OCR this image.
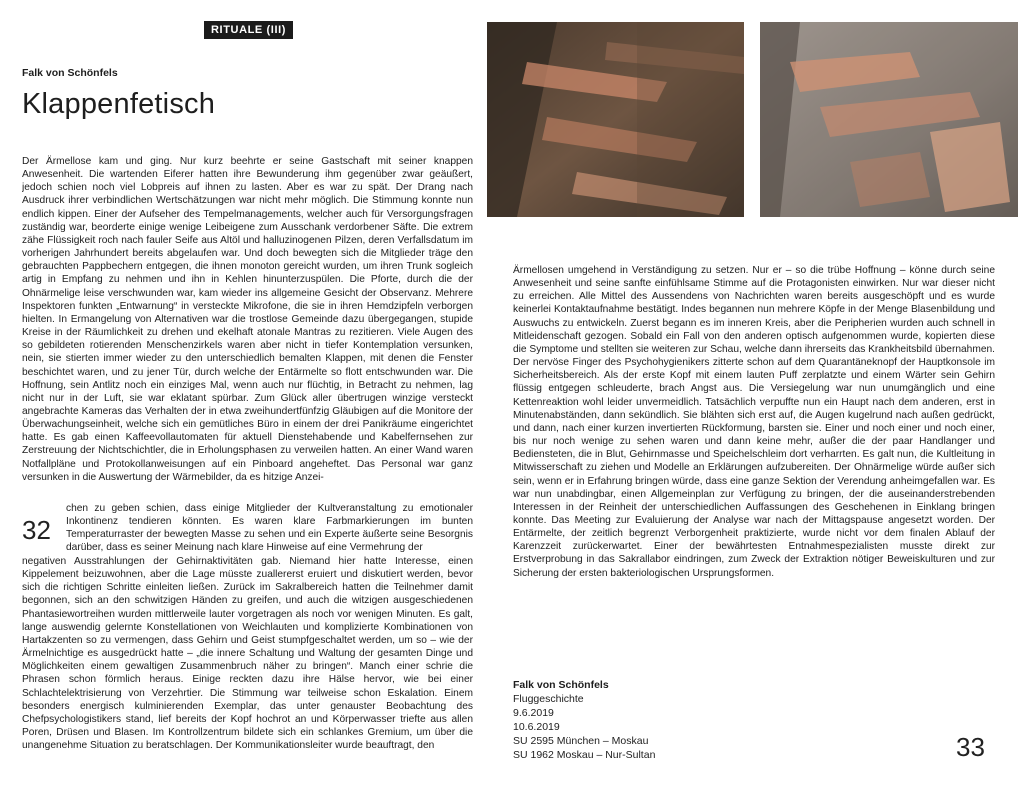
RITUALE (III)
Falk von Schönfels
Klappenfetisch
Der Ärmellose kam und ging. Nur kurz beehrte er seine Gastschaft mit seiner knappen Anwesenheit. Die wartenden Eiferer hatten ihre Bewunderung ihm gegenüber zwar geäußert, jedoch schien noch viel Lobpreis auf ihnen zu lasten. Aber es war zu spät. Der Drang nach Ausdruck ihrer verbindlichen Wertschätzungen war nicht mehr möglich. Die Stimmung konnte nun endlich kippen. Einer der Aufseher des Tempelmanagements, welcher auch für Versorgungsfragen zuständig war, beorderte einige wenige Leibeigene zum Ausschank verdorbener Säfte. Die extrem zähe Flüssigkeit roch nach fauler Seife aus Altöl und halluzinogenen Pilzen, deren Verfallsdatum im vorherigen Jahrhundert bereits abgelaufen war. Und doch bewegten sich die Mitglieder träge den gebrauchten Pappbechern entgegen, die ihnen monoton gereicht wurden, um ihren Trunk sogleich artig in Empfang zu nehmen und ihn in Kehlen hinunterzuspülen. Die Pforte, durch die der Ohnärmelige leise verschwunden war, kam wieder ins allgemeine Gesicht der Observanz. Mehrere Inspektoren funkten „Entwarnung“ in versteckte Mikrofone, die sie in ihren Hemdzipfeln verborgen hielten. In Ermangelung von Alternativen war die trostlose Gemeinde dazu übergegangen, stupide Kreise in der Räumlichkeit zu drehen und ekelhaft atonale Mantras zu rezitieren. Viele Augen des so gebildeten rotierenden Menschenzirkels waren aber nicht in tiefer Kontemplation versunken, nein, sie stierten immer wieder zu den unterschiedlich bemalten Klappen, mit denen die Fenster beschichtet waren, und zu jener Tür, durch welche der Entärmelte so flott entschwunden war. Die Hoffnung, sein Antlitz noch ein einziges Mal, wenn auch nur flüchtig, in Betracht zu nehmen, lag nicht nur in der Luft, sie war eklatant spürbar. Zum Glück aller übertrugen winzige versteckt angebrachte Kameras das Verhalten der in etwa zweihundertfünfzig Gläubigen auf die Monitore der Überwachungseinheit, welche sich ein gemütliches Büro in einem der drei Panikräume eingerichtet hatte. Es gab einen Kaffeevollautomaten für aktuell Dienstehabende und Kabelfernsehen zur Zerstreuung der Nichtschichtler, die in Erholungsphasen zu verweilen hatten. An einer Wand waren Notfallpläne und Protokollanweisungen auf ein Pinboard angeheftet. Das Personal war ganz versunken in die Auswertung der Wärmebilder, da es hitzige Anzei-
32
chen zu geben schien, dass einige Mitglieder der Kultveranstaltung zu emotionaler Inkontinenz tendieren könnten. Es waren klare Farbmarkierungen im bunten Temperaturraster der bewegten Masse zu sehen und ein Experte äußerte seine Besorgnis darüber, dass es seiner Meinung nach klare Hinweise auf eine Vermehrung der
negativen Ausstrahlungen der Gehirnaktivitäten gab. Niemand hier hatte Interesse, einen Kippelement beizuwohnen, aber die Lage müsste zuallererst eruiert und diskutiert werden, bevor sich die richtigen Schritte einleiten ließen. Zurück im Sakralbereich hatten die Teilnehmer damit begonnen, sich an den schwitzigen Händen zu greifen, und auch die witzigen ausgeschiedenen Phantasiewortreihen wurden mittlerweile lauter vorgetragen als noch vor wenigen Minuten. Es galt, lange auswendig gelernte Konstellationen von Weichlauten und komplizierte Kombinationen von Hartakzenten so zu vermengen, dass Gehirn und Geist stumpfgeschaltet werden, um so – wie der Ärmelnichtige es ausgedrückt hatte – „die innere Schaltung und Waltung der gesamten Dinge und Möglichkeiten einem gewaltigen Zusammenbruch näher zu bringen“. Manch einer schrie die Phrasen schon förmlich heraus. Einige reckten dazu ihre Hälse hervor, wie bei einer Schlachtelektrisierung von Verzehrtier. Die Stimmung war teilweise schon Eskalation. Einem besonders energisch kulminierenden Exemplar, das unter genauster Beobachtung des Chefpsychologistikers stand, lief bereits der Kopf hochrot an und Körperwasser triefte aus allen Poren, Drüsen und Blasen. Im Kontrollzentrum bildete sich ein schlankes Gremium, um über die unangenehme Situation zu beratschlagen. Der Kommunikationsleiter wurde beauftragt, den
Ärmellosen umgehend in Verständigung zu setzen. Nur er – so die trübe Hoffnung – könne durch seine Anwesenheit und seine sanfte einfühlsame Stimme auf die Protagonisten einwirken. Nur war dieser nicht zu erreichen. Alle Mittel des Aussendens von Nachrichten waren bereits ausgeschöpft und es wurde keinerlei Kontaktaufnahme bestätigt. Indes begannen nun mehrere Köpfe in der Menge Blasenbildung und Auswuchs zu entwickeln. Zuerst begann es im inneren Kreis, aber die Peripherien wurden auch schnell in Mitleidenschaft gezogen. Sobald ein Fall von den anderen optisch aufgenommen wurde, kopierten diese die Symptome und stellten sie weiteren zur Schau, welche dann ihrerseits das Krankheitsbild übernahmen. Der nervöse Finger des Psychohygienikers zitterte schon auf dem Quarantäneknopf der Hauptkonsole im Sicherheitsbereich. Als der erste Kopf mit einem lauten Puff zerplatzte und einem Wärter sein Gehirn flüssig entgegen schleuderte, brach Angst aus. Die Versiegelung war nun unumgänglich und eine Kettenreaktion wohl leider unvermeidlich. Tatsächlich verpuffte nun ein Haupt nach dem anderen, erst in Minutenabständen, dann sekündlich. Sie blähten sich erst auf, die Augen kugelrund nach außen gedrückt, und dann, nach einer kurzen invertierten Rückformung, barsten sie. Einer und noch einer und noch einer, bis nur noch wenige zu sehen waren und dann keine mehr, außer die der paar Handlanger und Bediensteten, die in Blut, Gehirnmasse und Speichelschleim dort verharrten. Es galt nun, die Kultleitung in Mitwisserschaft zu ziehen und Modelle an Erklärungen aufzubereiten. Der Ohnärmelige würde außer sich sein, wenn er in Erfahrung bringen würde, dass eine ganze Sektion der Verendung anheimgefallen war. Es war nun unabdingbar, einen Allgemeinplan zur Verfügung zu bringen, der die auseinanderstrebenden Interessen in der Reinheit der unterschiedlichen Auffassungen des Geschehenen in Einklang bringen konnte. Das Meeting zur Evaluierung der Analyse war nach der Mittagspause angesetzt worden. Der Entärmelte, der zeitlich begrenzt Verborgenheit praktizierte, wurde nicht vor dem finalen Ablauf der Karenzzeit zurückerwartet. Einer der bewährtesten Entnahmespezialisten musste direkt zur Erstverprobung in das Sakrallabor eindringen, zum Zweck der Extraktion nötiger Beweiskulturen und zur Sicherung der ersten bakteriologischen Ursprungsformen.
Falk von Schönfels
Fluggeschichte
9.6.2019
10.6.2019
SU 2595 München – Moskau
SU 1962 Moskau – Nur-Sultan	33
